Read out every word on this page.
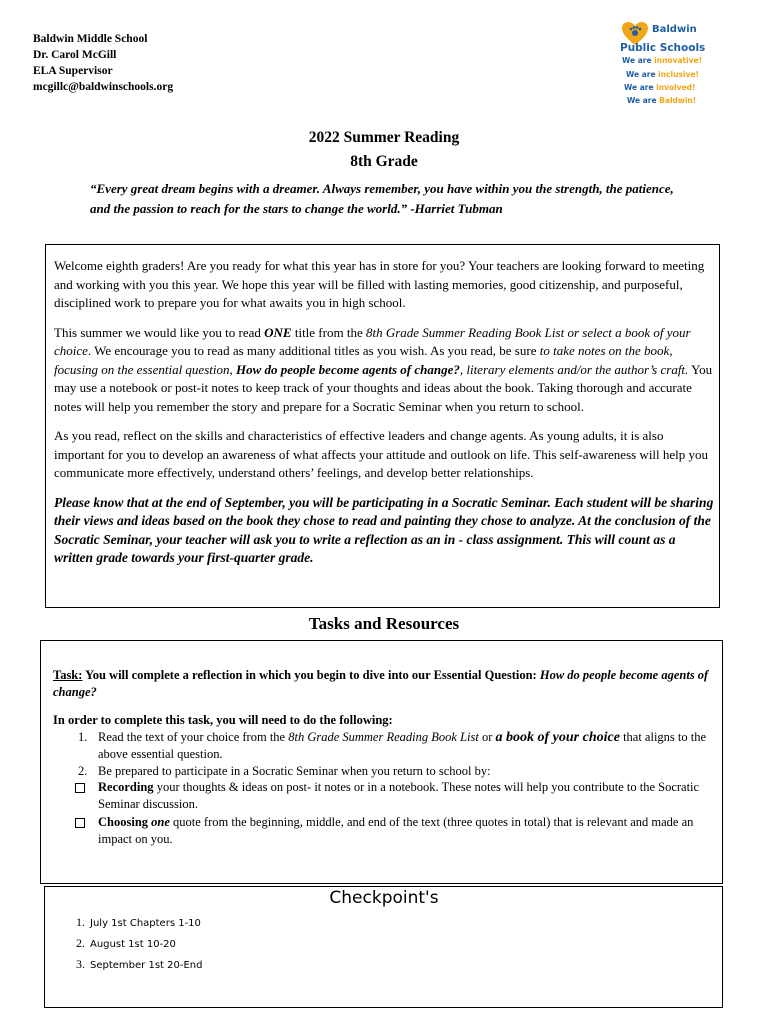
Baldwin Middle School
Dr. Carol McGill
ELA Supervisor
mcgillc@baldwinschools.org
Baldwin
Public Schools
We are innovative!
We are inclusive!
We are involved!
We are Baldwin!
2022 Summer Reading
8th Grade
“Every great dream begins with a dreamer. Always remember, you have within you the strength, the patience, and the passion to reach for the stars to change the world.” -Harriet Tubman

Welcome eighth graders! Are you ready for what this year has in store for you? Your teachers are looking forward to meeting and working with you this year. We hope this year will be filled with lasting memories, good citizenship, and purposeful, disciplined work to prepare you for what awaits you in high school.

This summer we would like you to read ONE title from the 8th Grade Summer Reading Book List or select a book of your choice. We encourage you to read as many additional titles as you wish. As you read, be sure to take notes on the book, focusing on the essential question, How do people become agents of change?, literary elements and/or the author’s craft. You may use a notebook or post-it notes to keep track of your thoughts and ideas about the book. Taking thorough and accurate notes will help you remember the story and prepare for a Socratic Seminar when you return to school.

As you read, reflect on the skills and characteristics of effective leaders and change agents. As young adults, it is also important for you to develop an awareness of what affects your attitude and outlook on life. This self-awareness will help you communicate more effectively, understand others’ feelings, and develop better relationships.

Please know that at the end of September, you will be participating in a Socratic Seminar. Each student will be sharing their views and ideas based on the book they chose to read and painting they chose to analyze. At the conclusion of the Socratic Seminar, your teacher will ask you to write a reflection as an in - class assignment. This will count as a written grade towards your first-quarter grade.

Tasks and Resources
Task: You will complete a reflection in which you begin to dive into our Essential Question: How do people become agents of change?
In order to complete this task, you will need to do the following:
1. Read the text of your choice from the 8th Grade Summer Reading Book List or a book of your choice that aligns to the above essential question.
2. Be prepared to participate in a Socratic Seminar when you return to school by:
Recording your thoughts & ideas on post- it notes or in a notebook. These notes will help you contribute to the Socratic Seminar discussion.
Choosing one quote from the beginning, middle, and end of the text (three quotes in total) that is relevant and made an impact on you.
Checkpoint's
1. July 1st Chapters 1-10
2. August 1st 10-20
3. September 1st 20-End
